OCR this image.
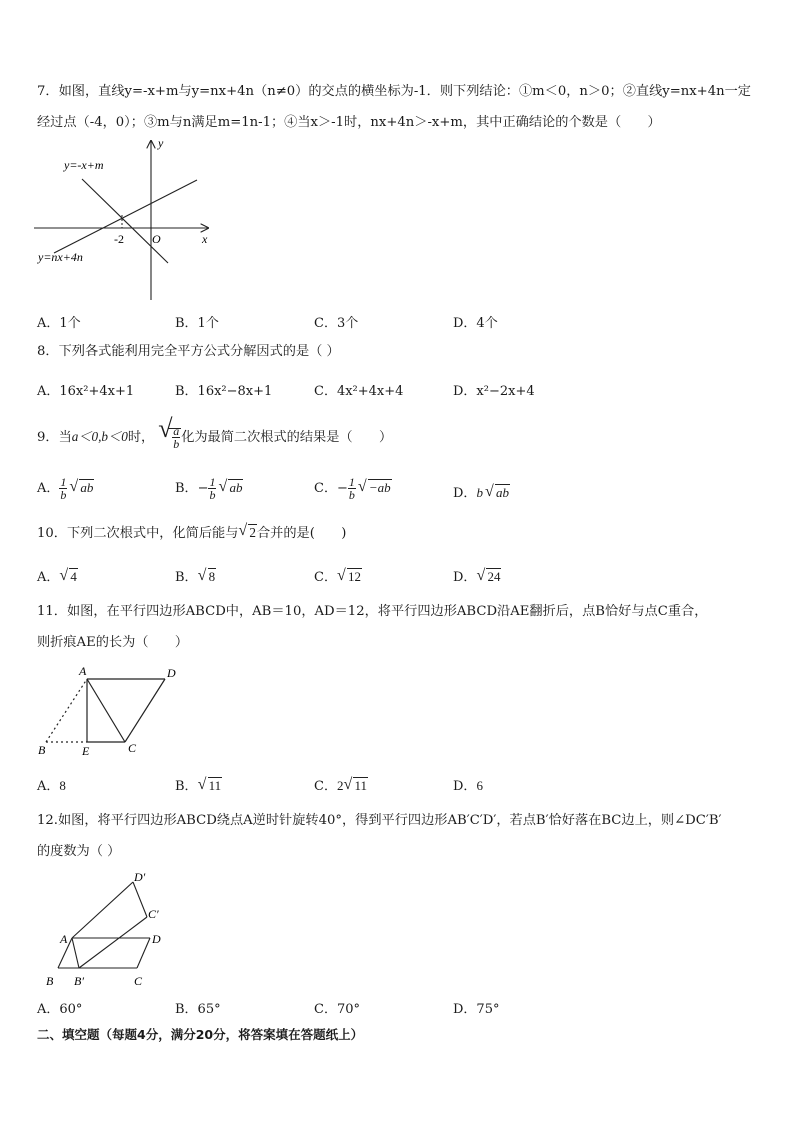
7．如图，直线y=-x+m与y=nx+4n（n≠0）的交点的横坐标为-1．则下列结论：①m＜0，n＞0；②直线y=nx+4n一定
经过点（-4，0）；③m与n满足m=1n-1；④当x＞-1时，nx+4n＞-x+m，其中正确结论的个数是（　　）
y
x
y=-x+m
y=nx+4n
-2 O
A．1个	B．1个	C．3个	D．4个
8．下列各式能利用完全平方公式分解因式的是（ ）
A．16x²+4x+1	B．16x²−8x+1	C．4x²+4x+4	D．x²−2x+4
9．当a＜0,b＜0时， √ $\frac{a}{b}$ 化为最简二次根式的结果是（　　）
A． $\frac{1}{b}$ √ ab	B．− $\frac{1}{b}$ √ ab	C．− $\frac{1}{b}$ √ −ab	D．b √ ab
10．下列二次根式中，化简后能与 √ 2合并的是(　　)
A． √ 4	B． √ 8	C． √ 12	D． √ 24
11．如图，在平行四边形ABCD中，AB＝10，AD＝12，将平行四边形ABCD沿AE翻折后，点B恰好与点C重合，
则折痕AE的长为（　　）
A	D
B	E	C
A．8	B． √ 11	C．2 √ 11	D．6
12.如图，将平行四边形ABCD绕点A逆时针旋转40°，得到平行四边形AB′C′D′，若点B′恰好落在BC边上，则∠DC′B′
的度数为（ ）
A	D
B B′	C
C′
D′
A．60°	B．65°	C．70°	D．75°
二、填空题（每题4分，满分20分，将答案填在答题纸上）
